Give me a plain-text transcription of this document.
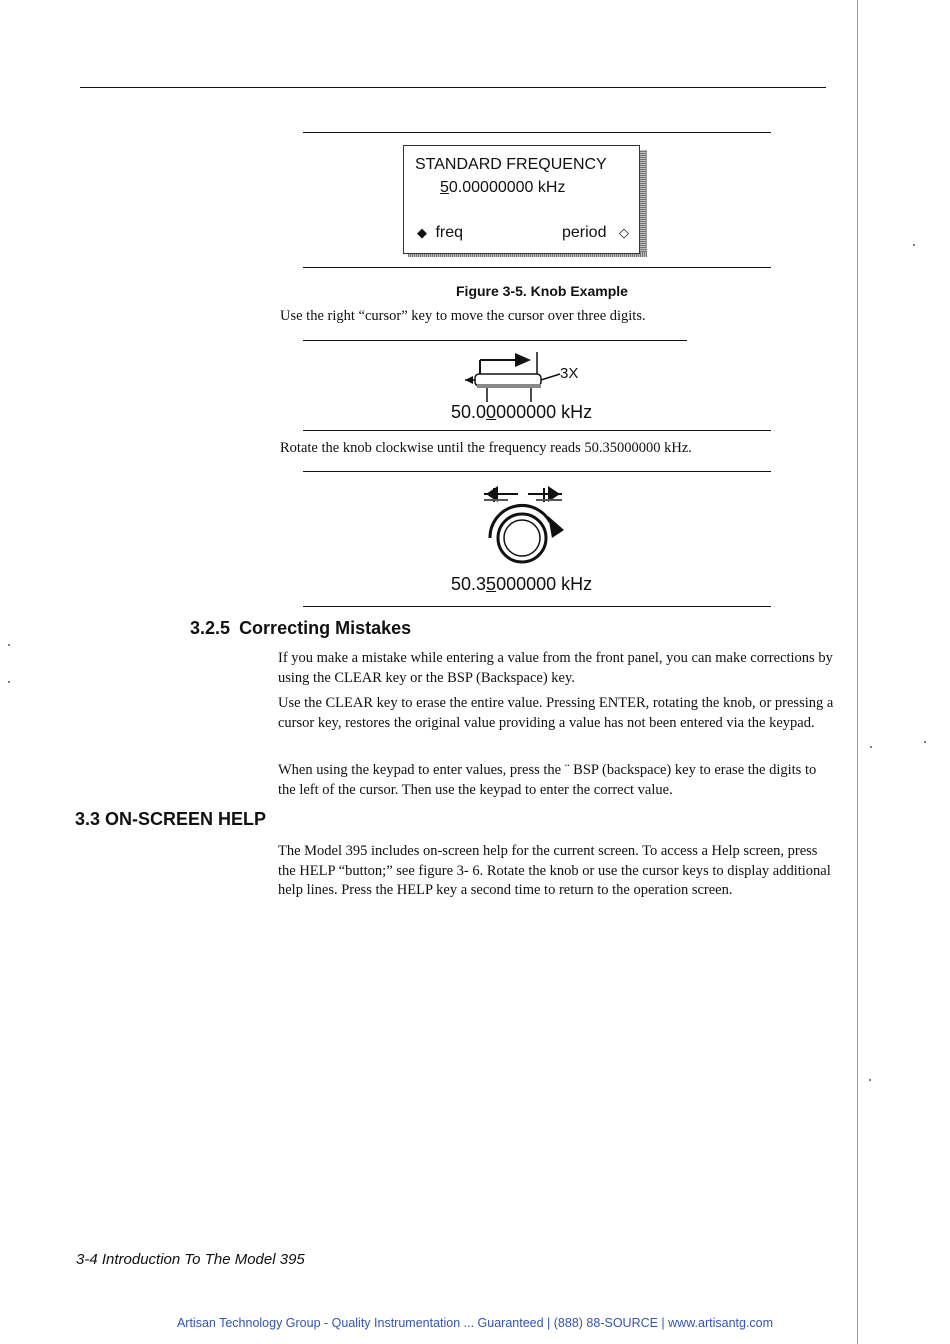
STANDARD FREQUENCY
50.00000000 kHz
◆ freq	period ◇
Figure 3-5. Knob Example

Use the right “cursor” key to move the cursor over three digits.

3X
50.00000000 kHz

Rotate the knob clockwise until the frequency reads 50.35000000 kHz.

50.35000000 kHz
3.2.5 Correcting Mistakes

If you make a mistake while entering a value from the front panel, you can make corrections by using the CLEAR key or the BSP (Backspace) key.

Use the CLEAR key to erase the entire value. Pressing ENTER, rotating the knob, or pressing a cursor key, restores the original value providing a value has not been entered via the keypad.

When using the keypad to enter values, press the ¨ BSP (backspace) key to erase the digits to the left of the cursor. Then use the keypad to enter the correct value.

3.3 ON-SCREEN HELP

The Model 395 includes on-screen help for the current screen. To access a Help screen, press the HELP “button;” see figure 3- 6. Rotate the knob or use the cursor keys to display additional help lines. Press the HELP key a second time to return to the operation screen.

3-4 Introduction To The Model 395
Artisan Technology Group - Quality Instrumentation ... Guaranteed | (888) 88-SOURCE | www.artisantg.com
